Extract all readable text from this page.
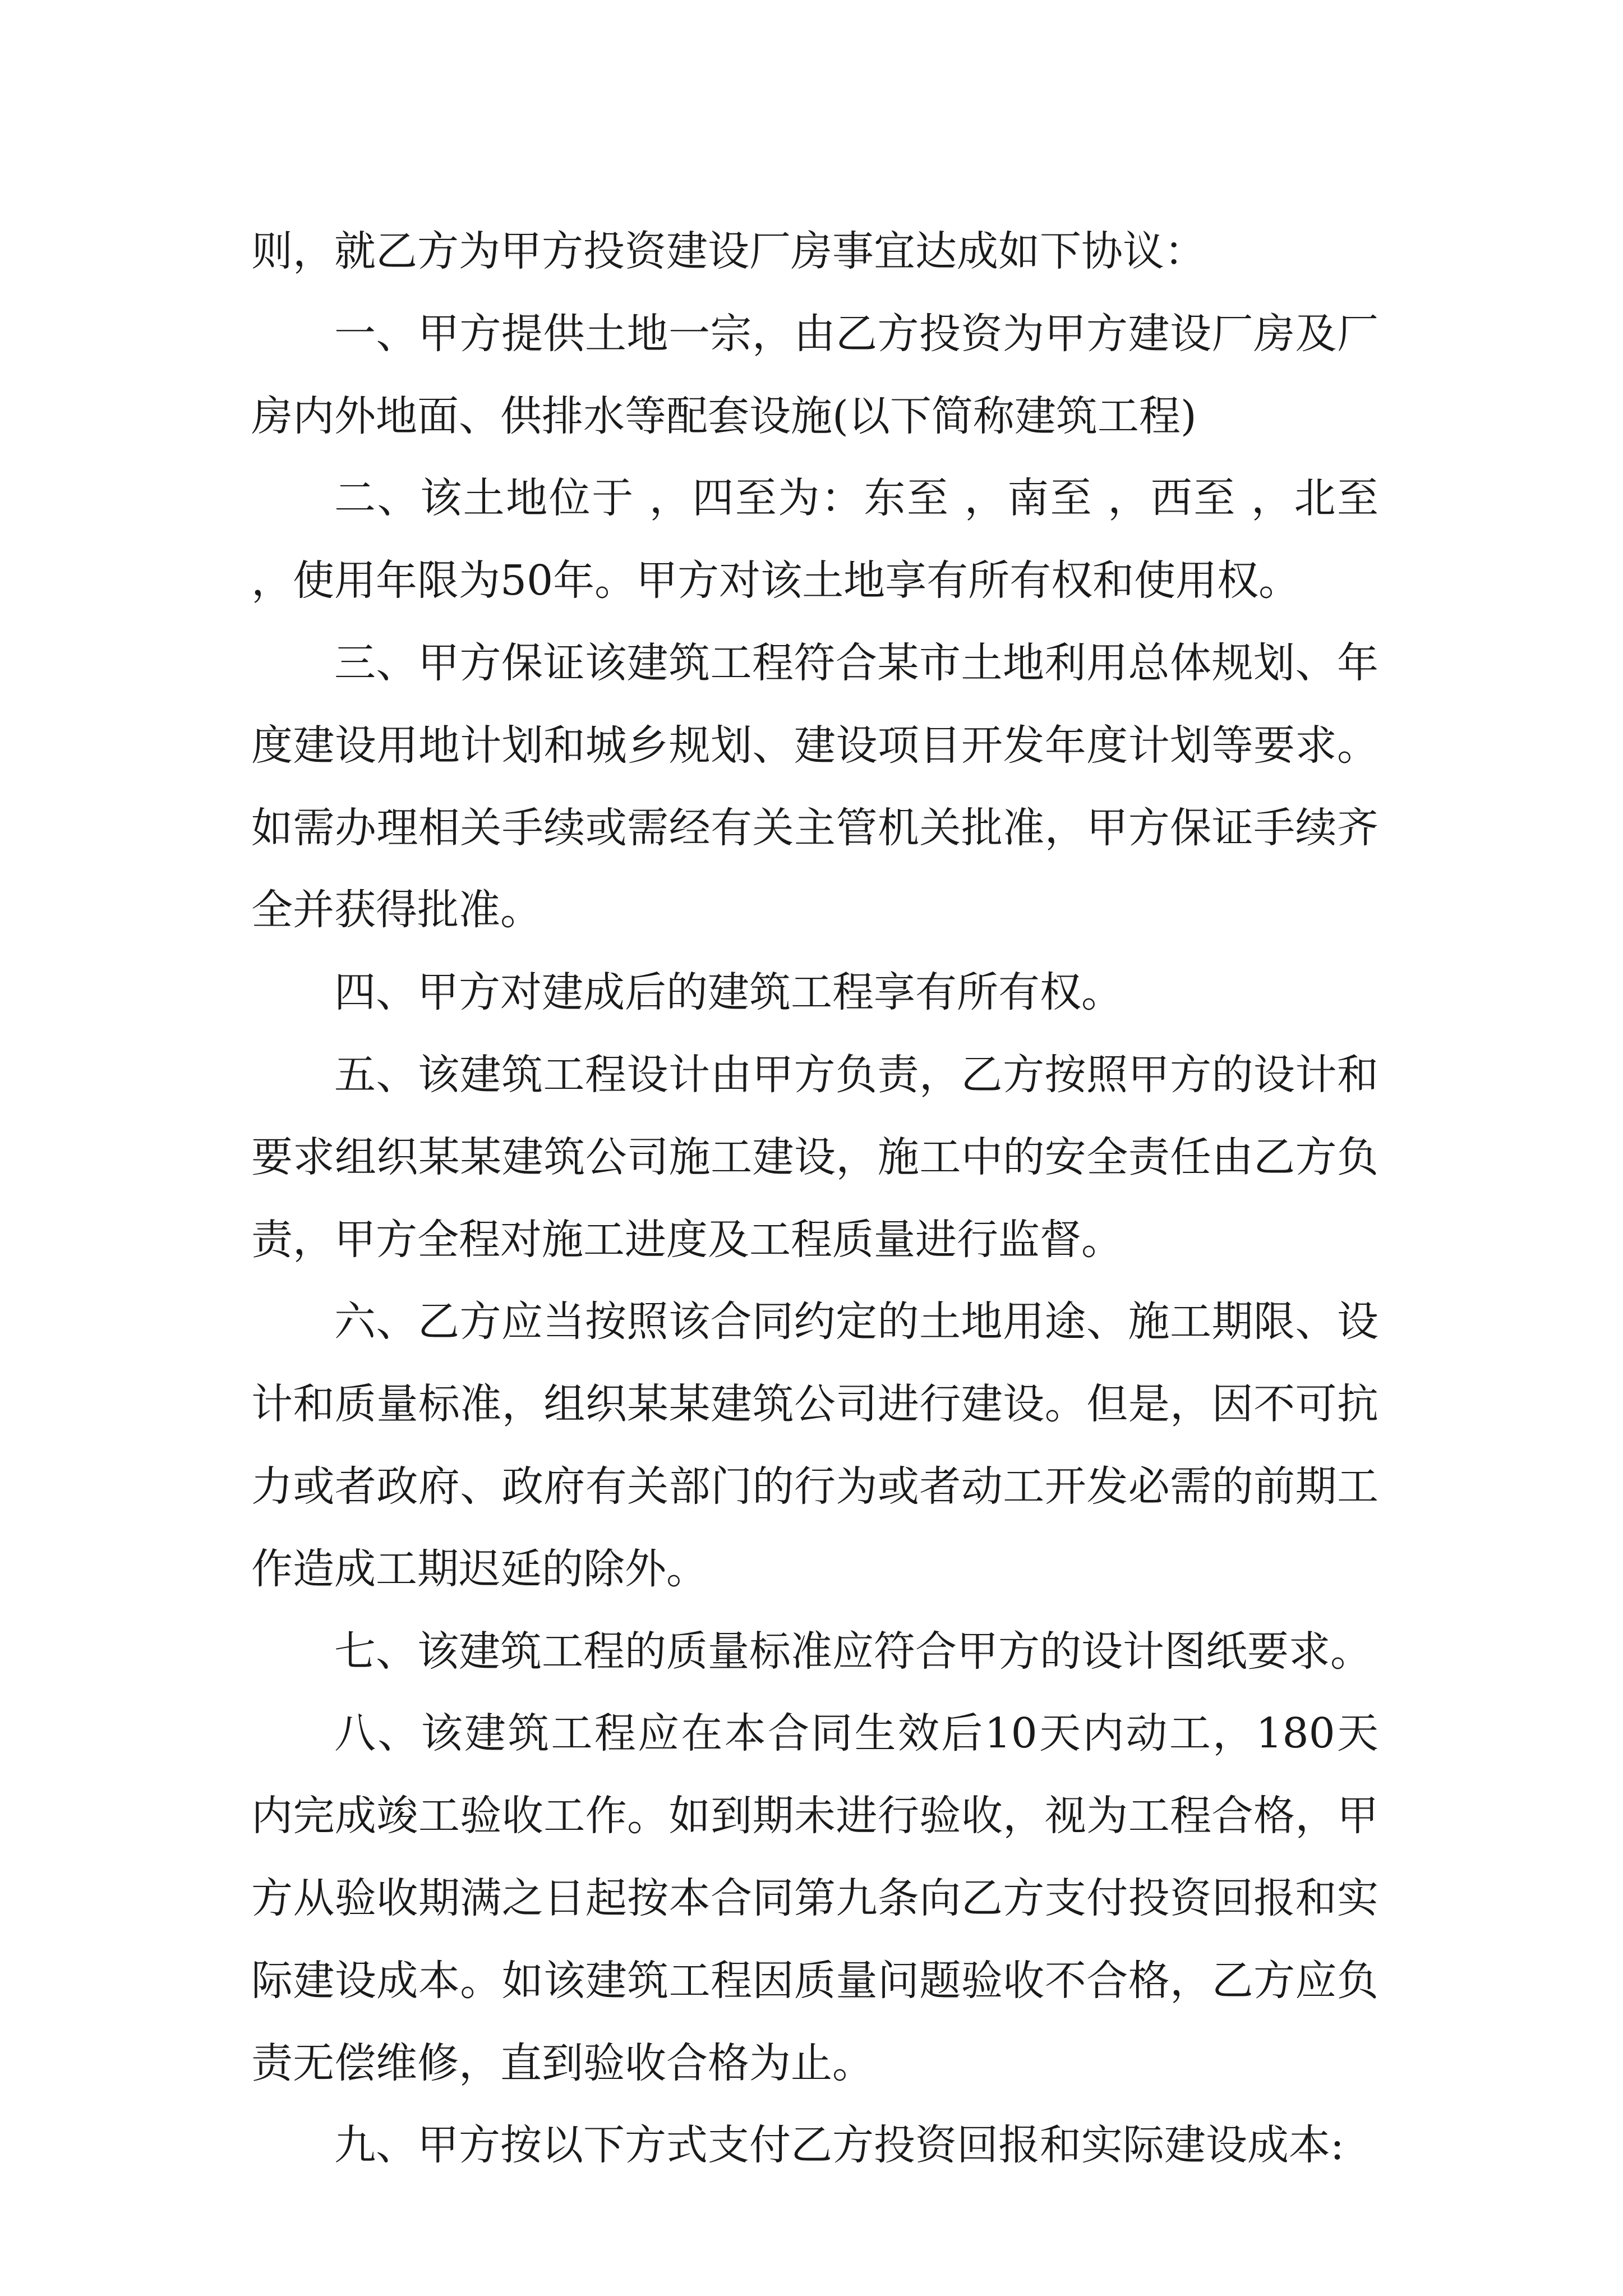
则，就乙方为甲方投资建设厂房事宜达成如下协议：

一、甲方提供土地一宗，由乙方投资为甲方建设厂房及厂房内外地面、供排水等配套设施(以下简称建筑工程)

二、该土地位于 ，四至为：东至 ，南至 ，西至 ，北至 ，使用年限为50年。甲方对该土地享有所有权和使用权。

三、甲方保证该建筑工程符合某市土地利用总体规划、年度建设用地计划和城乡规划、建设项目开发年度计划等要求。如需办理相关手续或需经有关主管机关批准，甲方保证手续齐全并获得批准。

四、甲方对建成后的建筑工程享有所有权。

五、该建筑工程设计由甲方负责，乙方按照甲方的设计和要求组织某某建筑公司施工建设，施工中的安全责任由乙方负责，甲方全程对施工进度及工程质量进行监督。

六、乙方应当按照该合同约定的土地用途、施工期限、设计和质量标准，组织某某建筑公司进行建设。但是，因不可抗力或者政府、政府有关部门的行为或者动工开发必需的前期工作造成工期迟延的除外。

七、该建筑工程的质量标准应符合甲方的设计图纸要求。

八、该建筑工程应在本合同生效后10天内动工，180天内完成竣工验收工作。如到期未进行验收，视为工程合格，甲方从验收期满之日起按本合同第九条向乙方支付投资回报和实际建设成本。如该建筑工程因质量问题验收不合格，乙方应负责无偿维修，直到验收合格为止。

九、甲方按以下方式支付乙方投资回报和实际建设成本:
